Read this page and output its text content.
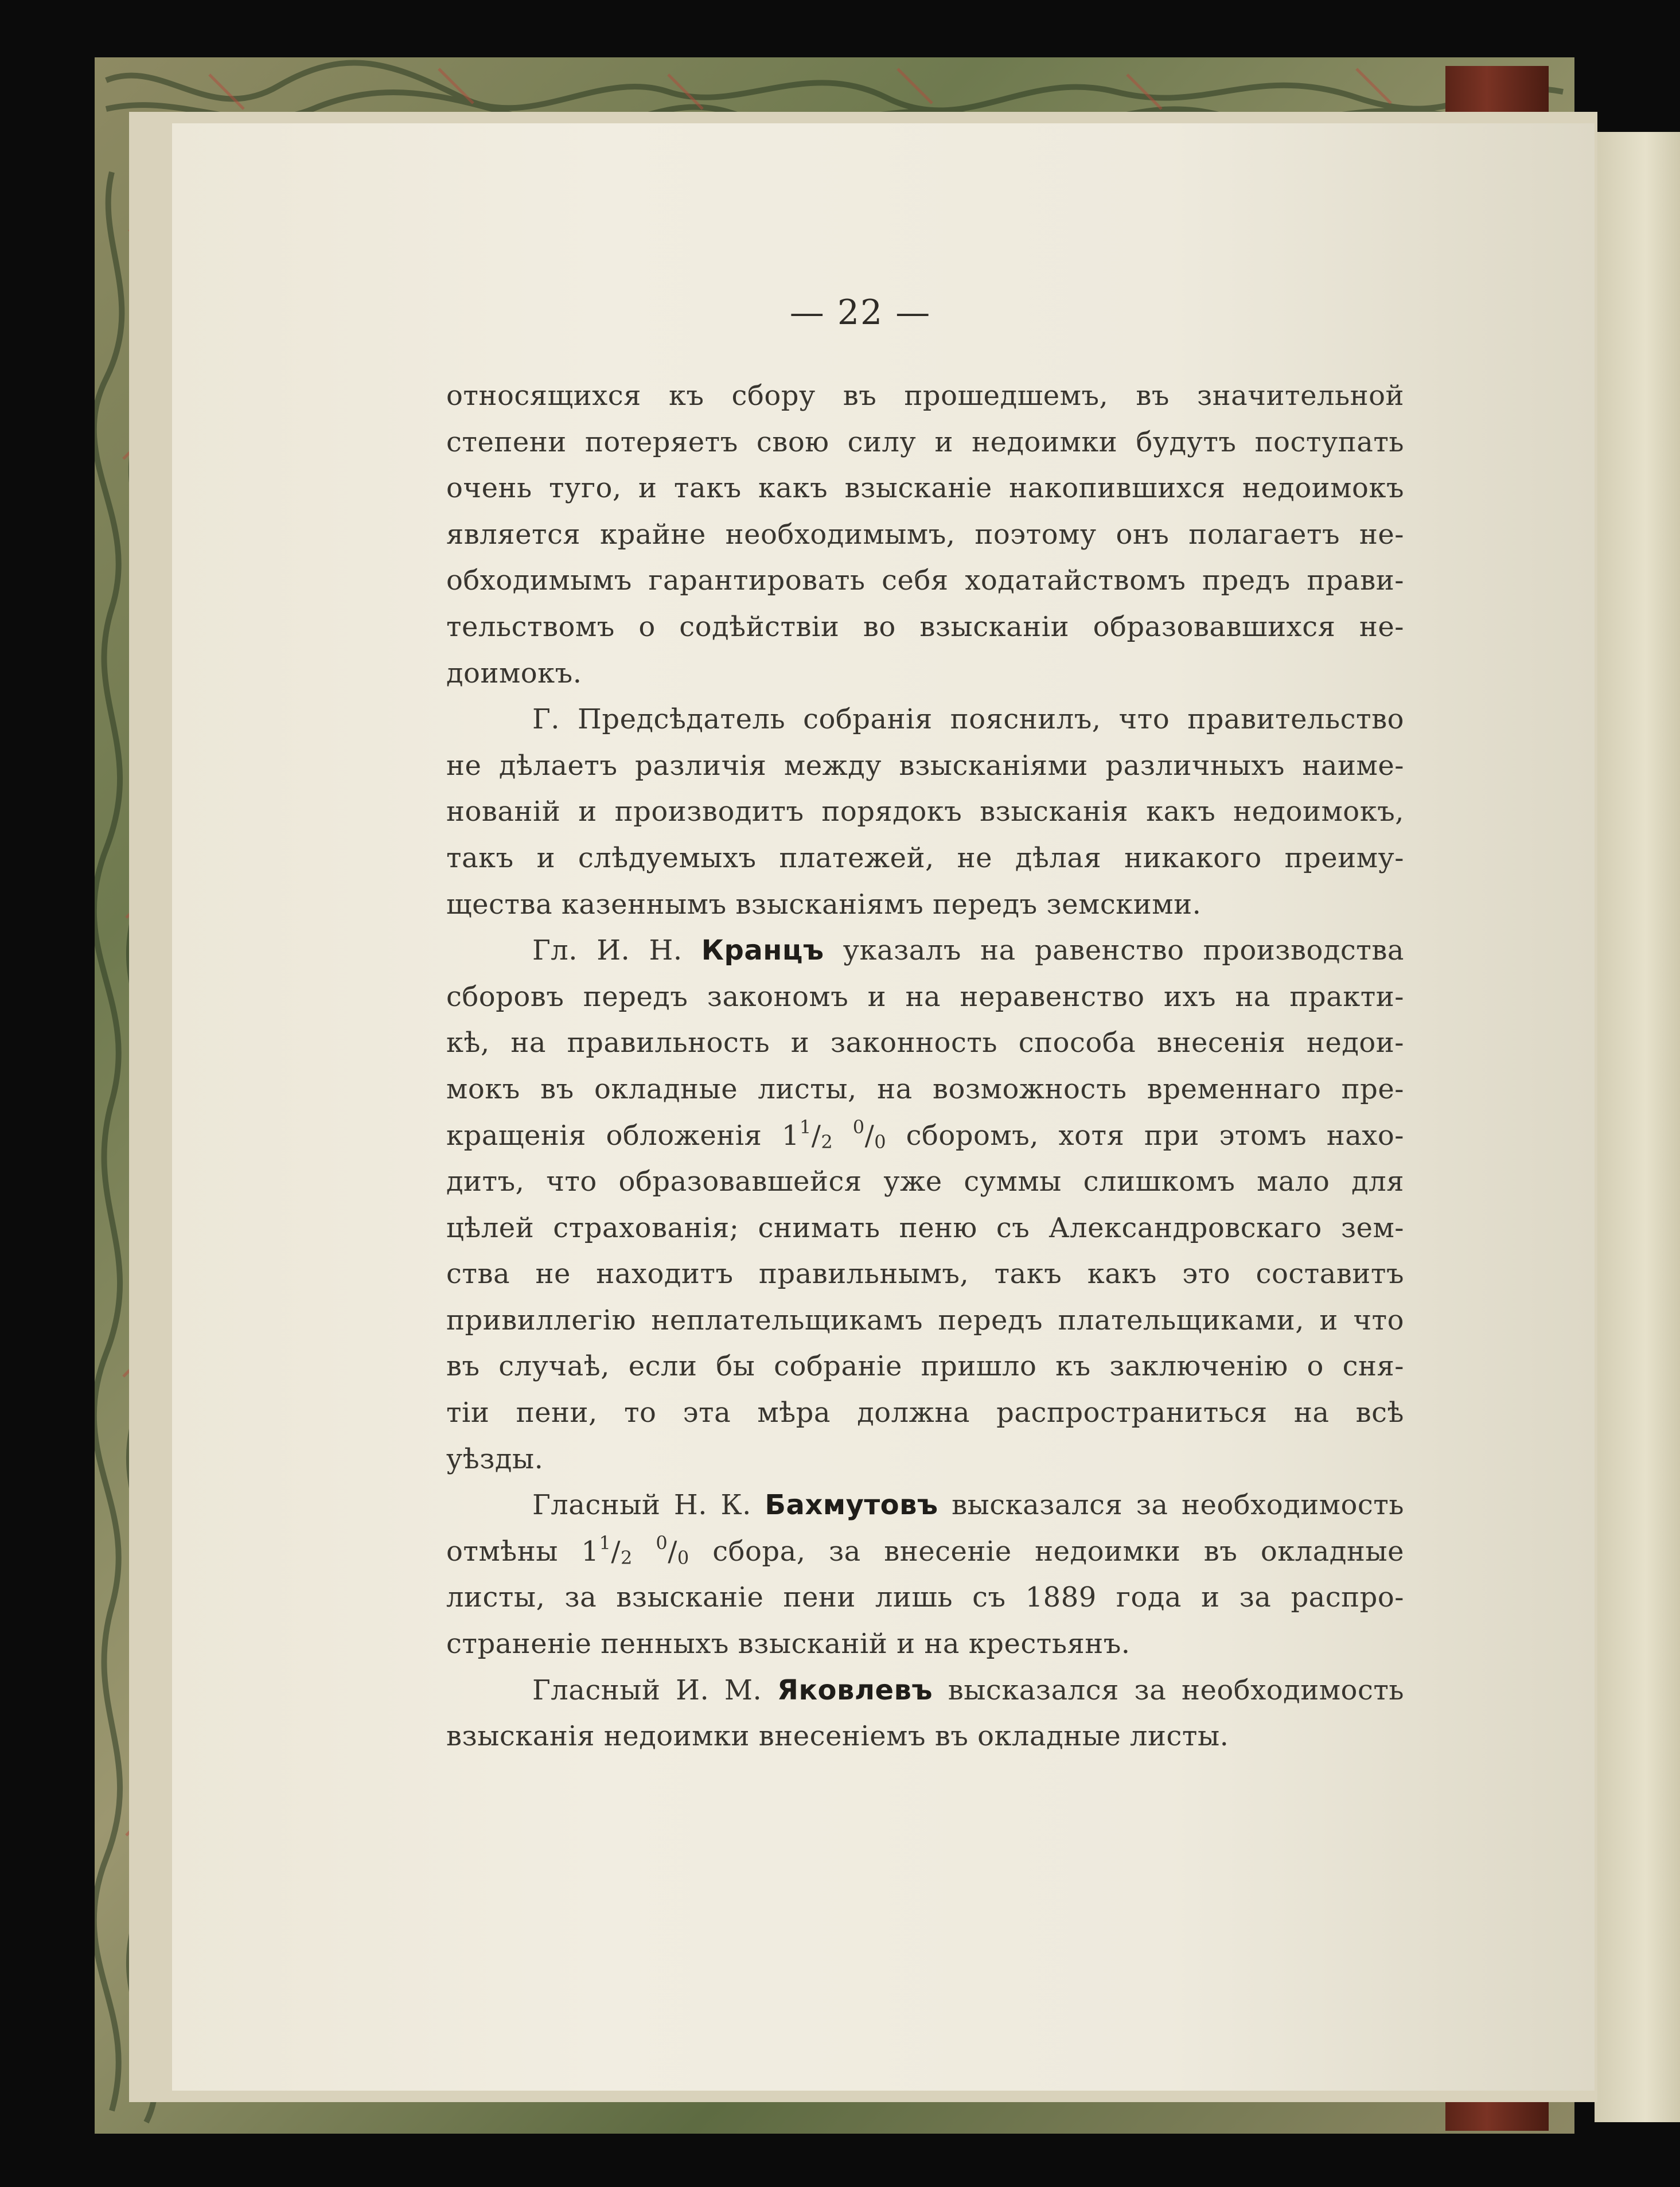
— 22 —
относящихся къ сбору въ прошедшемъ, въ значительной
степени потеряетъ свою силу и недоимки будутъ поступать
очень туго, и такъ какъ взысканіе накопившихся недоимокъ
является крайне необходимымъ, поэтому онъ полагаетъ не-
обходимымъ гарантировать себя ходатайствомъ предъ прави-
тельствомъ о содѣйствіи во взысканіи образовавшихся не-
доимокъ.
Г. Предсѣдатель собранія пояснилъ, что правительство
не дѣлаетъ различія между взысканіями различныхъ наиме-
нованій и производитъ порядокъ взысканія какъ недоимокъ,
такъ и слѣдуемыхъ платежей, не дѣлая никакого преиму-
щества казеннымъ взысканіямъ передъ земскими.
Гл. И. Н. Кранцъ указалъ на равенство производства
сборовъ передъ закономъ и на неравенство ихъ на практи-
кѣ, на правильность и законность способа внесенія недои-
мокъ въ окладные листы, на возможность временнаго пре-
кращенія обложенія $1^1/2$ $^0$/0 сборомъ, хотя при этомъ нахо-
дитъ, что образовавшейся уже суммы слишкомъ мало для
цѣлей страхованія; снимать пеню съ Александровскаго зем-
ства не находитъ правильнымъ, такъ какъ это составитъ
привиллегію неплательщикамъ передъ плательщиками, и что
въ случаѣ, если бы собраніе пришло къ заключенію о сня-
тіи пени, то эта мѣра должна распространиться на всѣ
уѣзды.
Гласный Н. К. Бахмутовъ высказался за необходимость
отмѣны $1^1/2$ $^0$/0 сбора, за внесеніе недоимки въ окладные
листы, за взысканіе пени лишь съ 1889 года и за распро-
страненіе пенныхъ взысканій и на крестьянъ.
Гласный И. М. Яковлевъ высказался за необходимость
взысканія недоимки внесеніемъ въ окладные листы.
